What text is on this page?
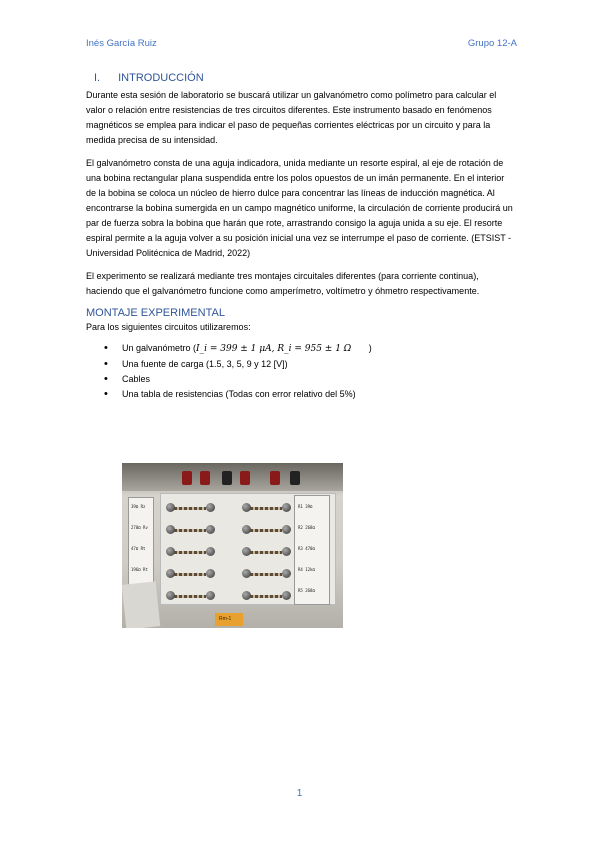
Inés García Ruiz	Grupo 12-A
I. INTRODUCCIÓN

Durante esta sesión de laboratorio se buscará utilizar un galvanómetro como polímetro para calcular el valor o relación entre resistencias de tres circuitos diferentes. Este instrumento basado en fenómenos magnéticos se emplea para indicar el paso de pequeñas corrientes eléctricas por un circuito y para la medida precisa de su intensidad.

El galvanómetro consta de una aguja indicadora, unida mediante un resorte espiral, al eje de rotación de una bobina rectangular plana suspendida entre los polos opuestos de un imán permanente. En el interior de la bobina se coloca un núcleo de hierro dulce para concentrar las líneas de inducción magnética. Al encontrarse la bobina sumergida en un campo magnético uniforme, la circulación de corriente producirá un par de fuerza sobra la bobina que harán que rote, arrastrando consigo la aguja unida a su eje. El resorte espiral permite a la aguja volver a su posición inicial una vez se interrumpe el paso de corriente. (ETSIST - Universidad Politécnica de Madrid, 2022)

El experimento se realizará mediante tres montajes circuitales diferentes (para corriente continua), haciendo que el galvanómetro funcione como amperímetro, voltímetro y óhmetro respectivamente.

MONTAJE EXPERIMENTAL

Para los siguientes circuitos utilizaremos:

• Un galvanómetro (I_i = 399 ± 1 μA, R_i = 955 ± 1 Ω )
• Una fuente de carga (1.5, 3, 5, 9 y 12 [V])
• Cables
• Una tabla de resistencias (Todas con error relativo del 5%)
39Ω Rz
270Ω Rv
47Ω Rt
196Ω Rt
R1 39Ω
R2 268Ω
R3 470Ω
R4 12kΩ
R5 268Ω
Rm-1
1
